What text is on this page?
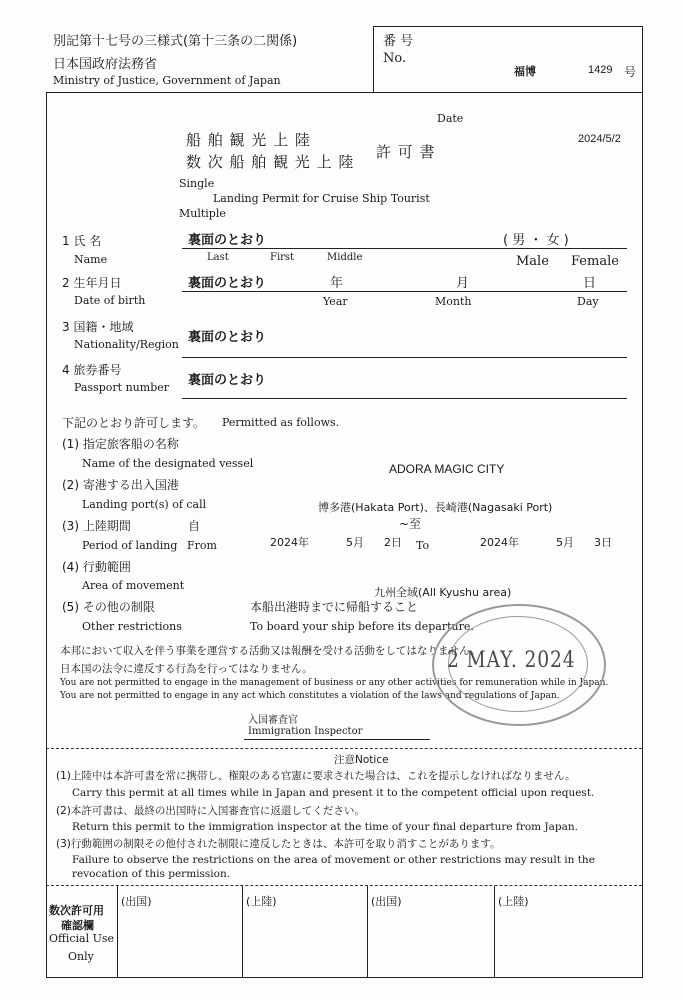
別記第十七号の三様式(第十三条の二関係)
日本国政府法務省
Ministry of Justice, Government of Japan
番 号
No.
福博	1429 号
Date
2024/5/2
船 舶 観 光 上 陸
数 次 船 舶 観 光 上 陸
許 可 書
Single
Landing Permit for Cruise Ship Tourist
Multiple
1 氏 名
Name
裏面のとおり	( 男 ・ 女 )
Last	First	Middle	Male Female
2 生年月日
Date of birth
裏面のとおり	年	月	日
Year	Month	Day
3 国籍・地域
Nationality/Region 裏面のとおり
4 旅券番号
Passport number 裏面のとおり
下記のとおり許可します。 Permitted as follows.
(1) 指定旅客船の名称
Name of the designated vessel	ADORA MAGIC CITY
(2) 寄港する出入国港
Landing port(s) of call	博多港(Hakata Port)、長崎港(Nagasaki Port)
(3) 上陸期間	自	~至
Period of landing From	To
2024年	5月 2日	2024年	5月 3日
(4) 行動範囲
Area of movement
九州全域(All Kyushu area)
(5) その他の制限
Other restrictions
本船出港時までに帰船すること
To board your ship before its departure.
本邦において収入を伴う事業を運営する活動又は報酬を受ける活動をしてはなりません。
日本国の法令に違反する行為を行ってはなりません。
You are not permitted to engage in the management of business or any other activities for remuneration while in Japan.
You are not permitted to engage in any act which constitutes a violation of the laws and regulations of Japan.
2 MAY. 2024
入国審査官
Immigration Inspector
注意Notice
(1)上陸中は本許可書を常に携帯し、権限のある官憲に要求された場合は、これを提示しなければなりません。
Carry this permit at all times while in Japan and present it to the competent official upon request.
(2)本許可書は、最終の出国時に入国審査官に返還してください。
Return this permit to the immigration inspector at the time of your final departure from Japan.
(3)行動範囲の制限その他付された制限に違反したときは、本許可を取り消すことがあります。
Failure to observe the restrictions on the area of movement or other restrictions may result in the
revocation of this permission.
数次許可用
確認欄
Official Use
Only
(出国)	(上陸)	(出国)	(上陸)
